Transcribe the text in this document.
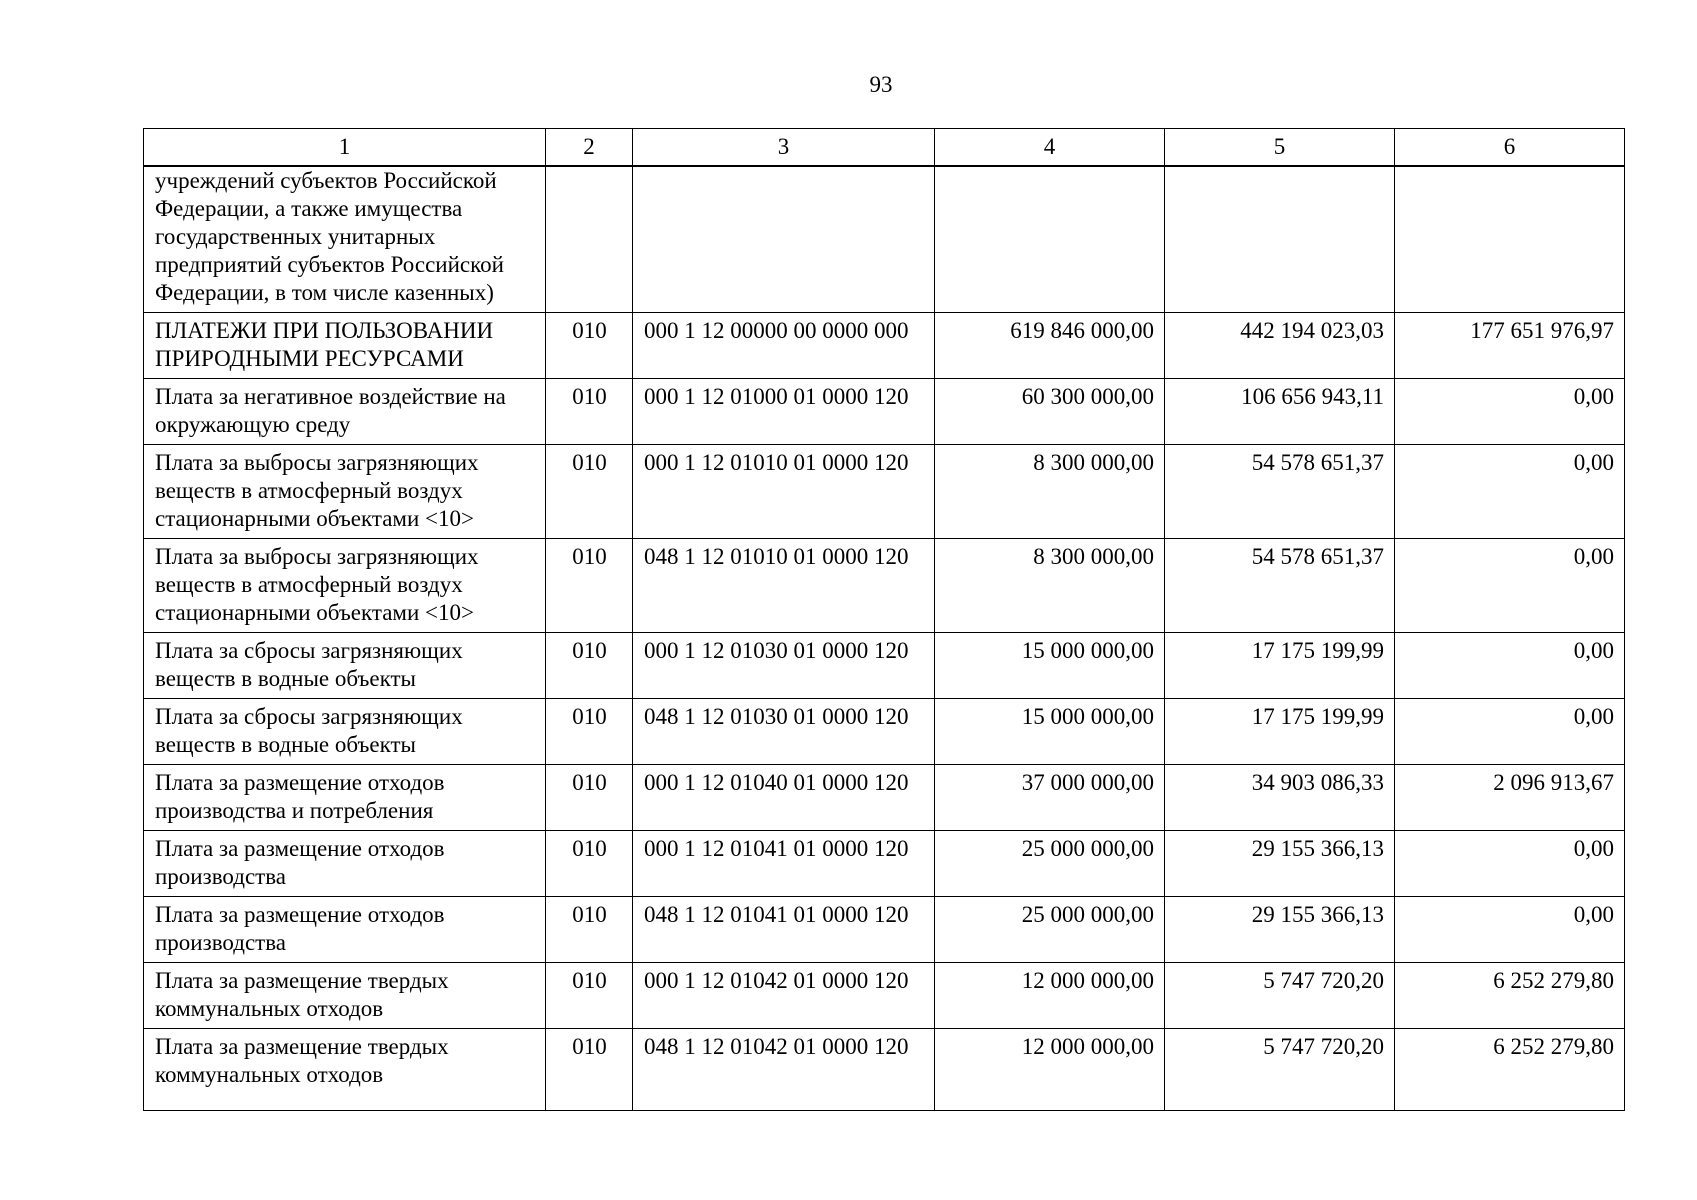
93
1	2	3	4	5	6
учреждений субъектов Российской Федерации, а также имущества государственных унитарных предприятий субъектов Российской Федерации, в том числе казенных)					
ПЛАТЕЖИ ПРИ ПОЛЬЗОВАНИИ ПРИРОДНЫМИ РЕСУРСАМИ	010	000 1 12 00000 00 0000 000	619 846 000,00	442 194 023,03	177 651 976,97
Плата за негативное воздействие на окружающую среду	010	000 1 12 01000 01 0000 120	60 300 000,00	106 656 943,11	0,00
Плата за выбросы загрязняющих веществ в атмосферный воздух стационарными объектами <10>	010	000 1 12 01010 01 0000 120	8 300 000,00	54 578 651,37	0,00
Плата за выбросы загрязняющих веществ в атмосферный воздух стационарными объектами <10>	010	048 1 12 01010 01 0000 120	8 300 000,00	54 578 651,37	0,00
Плата за сбросы загрязняющих веществ в водные объекты	010	000 1 12 01030 01 0000 120	15 000 000,00	17 175 199,99	0,00
Плата за сбросы загрязняющих веществ в водные объекты	010	048 1 12 01030 01 0000 120	15 000 000,00	17 175 199,99	0,00
Плата за размещение отходов производства и потребления	010	000 1 12 01040 01 0000 120	37 000 000,00	34 903 086,33	2 096 913,67
Плата за размещение отходов производства	010	000 1 12 01041 01 0000 120	25 000 000,00	29 155 366,13	0,00
Плата за размещение отходов производства	010	048 1 12 01041 01 0000 120	25 000 000,00	29 155 366,13	0,00
Плата за размещение твердых коммунальных отходов	010	000 1 12 01042 01 0000 120	12 000 000,00	5 747 720,20	6 252 279,80
Плата за размещение твердых коммунальных отходов	010	048 1 12 01042 01 0000 120	12 000 000,00	5 747 720,20	6 252 279,80
